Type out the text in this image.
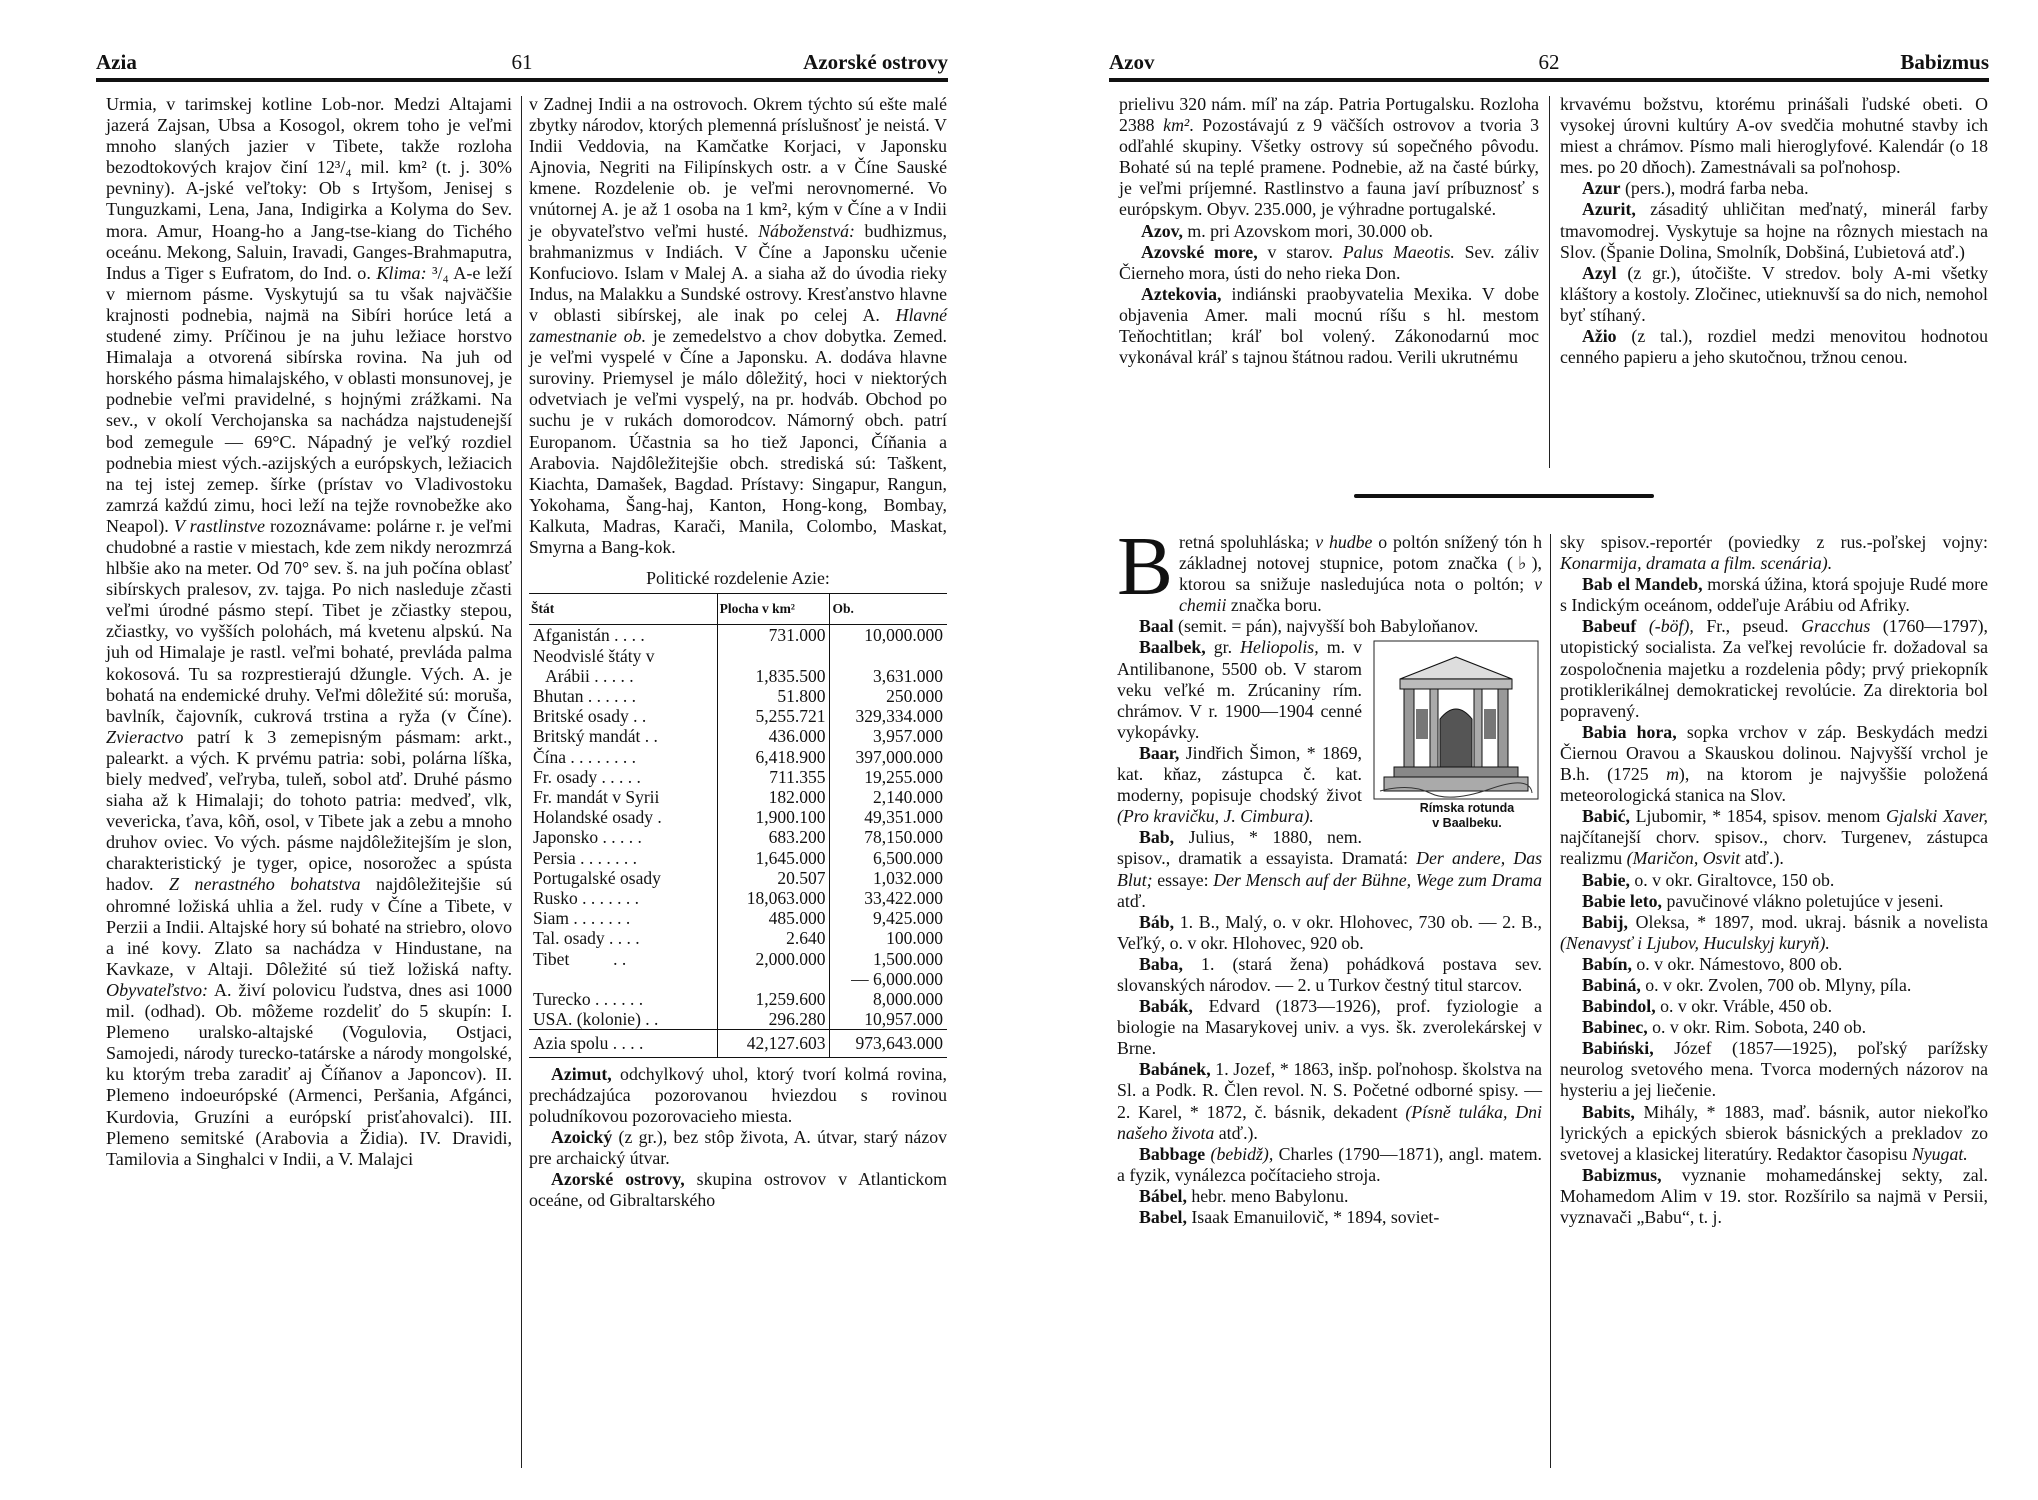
Azia	61	Azorské ostrovy

Urmia, v tarimskej kotline Lob-nor. Medzi Altajami jazerá Zajsan, Ubsa a Kosogol, okrem toho je veľmi mnoho slaných jazier v Tibete, takže rozloha bezodtokových krajov činí 12³/₄ mil. km² (t. j. 30% pevniny). A-jské veľtoky: Ob s Irtyšom, Jenisej s Tunguzkami, Lena, Jana, Indigirka a Kolyma do Sev. mora. Amur, Hoang-ho a Jang-tse-kiang do Tichého oceánu. Mekong, Saluin, Iravadi, Ganges-Brahmaputra, Indus a Tiger s Eufratom, do Ind. o. Klima: ³/₄ A-e leží v miernom pásme. Vyskytujú sa tu však najväčšie krajnosti podnebia, najmä na Sibíri horúce letá a studené zimy. Príčinou je na juhu ležiace horstvo Himalaja a otvorená sibírska rovina. Na juh od horského pásma himalajského, v oblasti monsunovej, je podnebie veľmi pravidelné, s hojnými zrážkami. Na sev., v okolí Verchojanska sa nachádza najstudenejší bod zemegule — 69°C. Nápadný je veľký rozdiel podnebia miest vých.-azijských a európskych, ležiacich na tej istej zemep. šírke (prístav vo Vladivostoku zamrzá každú zimu, hoci leží na tejže rovnobežke ako Neapol). V rastlinstve rozoznávame: polárne r. je veľmi chudobné a rastie v miestach, kde zem nikdy nerozmrzá hlbšie ako na meter. Od 70° sev. š. na juh počína oblasť sibírskych pralesov, zv. tajga. Po nich nasleduje zčasti veľmi úrodné pásmo stepí. Tibet je zčiastky stepou, zčiastky, vo vyšších polohách, má kvetenu alpskú. Na juh od Himalaje je rastl. veľmi bohaté, prevláda palma kokosová. Tu sa rozprestierajú džungle. Vých. A. je bohatá na endemické druhy. Veľmi dôležité sú: moruša, bavlník, čajovník, cukrová trstina a ryža (v Číne). Zvieractvo patrí k 3 zemepisným pásmam: arkt., palearkt. a vých. K prvému patria: sobi, polárna líška, biely medveď, veľryba, tuleň, sobol atď. Druhé pásmo siaha až k Himalaji; do tohoto patria: medveď, vlk, vevericka, ťava, kôň, osol, v Tibete jak a zebu a mnoho druhov oviec. Vo vých. pásme najdôležitejším je slon, charakteristický je tyger, opice, nosorožec a spústa hadov. Z nerastného bohatstva najdôležitejšie sú ohromné ložiská uhlia a žel. rudy v Číne a Tibete, v Perzii a Indii. Altajské hory sú bohaté na striebro, olovo a iné kovy. Zlato sa nachádza v Hindustane, na Kavkaze, v Altaji. Dôležité sú tiež ložiská nafty. Obyvateľstvo: A. živí polovicu ľudstva, dnes asi 1000 mil. (odhad). Ob. môžeme rozdeliť do 5 skupín: I. Plemeno uralsko-altajské (Vogulovia, Ostjaci, Samojedi, národy turecko-tatárske a národy mongolské, ku ktorým treba zaradiť aj Číňanov a Japoncov). II. Plemeno indoeurópské (Armenci, Peršania, Afgánci, Kurdovia, Gruzíni a európskí prisťahovalci). III. Plemeno semitské (Arabovia a Židia). IV. Dravidi, Tamilovia a Singhalci v Indii, a V. Malajci

v Zadnej Indii a na ostrovoch. Okrem týchto sú ešte malé zbytky národov, ktorých plemenná príslušnosť je neistá. V Indii Veddovia, na Kamčatke Korjaci, v Japonsku Ajnovia, Negriti na Filipínskych ostr. a v Číne Sauské kmene. Rozdelenie ob. je veľmi nerovnomerné. Vo vnútornej A. je až 1 osoba na 1 km², kým v Číne a v Indii je obyvateľstvo veľmi husté. Náboženstvá: budhizmus, brahmanizmus v Indiách. V Číne a Japonsku učenie Konfuciovo. Islam v Malej A. a siaha až do úvodia rieky Indus, na Malakku a Sundské ostrovy. Kresťanstvo hlavne v oblasti sibírskej, ale inak po celej A. Hlavné zamestnanie ob. je zemedelstvo a chov dobytka. Zemed. je veľmi vyspelé v Číne a Japonsku. A. dodáva hlavne suroviny. Priemysel je málo dôležitý, hoci v niektorých odvetviach je veľmi vyspelý, na pr. hodváb. Obchod po suchu je v rukách domorodcov. Námorný obch. patrí Europanom. Účastnia sa ho tiež Japonci, Číňania a Arabovia. Najdôležitejšie obch. strediská sú: Taškent, Kiachta, Damašek, Bagdad. Prístavy: Singapur, Rangun, Yokohama, Šang-haj, Kanton, Hong-kong, Bombay, Kalkuta, Madras, Karači, Manila, Colombo, Maskat, Smyrna a Bang-kok.

Politické rozdelenie Azie:
Štát	Plocha v km²	Ob.
Afganistán . . . .	731.000	10,000.000
Neodvislé štáty v		
Arábii . . . . .	1,835.500	3,631.000
Bhutan . . . . . .	51.800	250.000
Britské osady . .	5,255.721	329,334.000
Britský mandát . .	436.000	3,957.000
Čína . . . . . . . .	6,418.900	397,000.000
Fr. osady . . . . .	711.355	19,255.000
Fr. mandát v Syrii	182.000	2,140.000
Holandské osady .	1,900.100	49,351.000
Japonsko . . . . .	683.200	78,150.000
Persia . . . . . . .	1,645.000	6,500.000
Portugalské osady	20.507	1,032.000
Rusko . . . . . . .	18,063.000	33,422.000
Siam . . . . . . .	485.000	9,425.000
Tal. osady . . . .	2.640	100.000
Tibet          . .	2,000.000	1,500.000
		— 6,000.000
Turecko . . . . . .	1,259.600	8,000.000
USA. (kolonie) . .	296.280	10,957.000
Azia spolu . . . .	42,127.603	973,643.000

Azimut, odchylkový uhol, ktorý tvorí kolmá rovina, prechádzajúca pozorovanou hviezdou s rovinou poludníkovou pozorovacieho miesta.

Azoický (z gr.), bez stôp života, A. útvar, starý názov pre archaický útvar.

Azorské ostrovy, skupina ostrovov v Atlantickom oceáne, od Gibraltarského

Azov	62	Babizmus

prielivu 320 nám. míľ na záp. Patria Portugalsku. Rozloha 2388 km². Pozostávajú z 9 väčších ostrovov a tvoria 3 odľahlé skupiny. Všetky ostrovy sú sopečného pôvodu. Bohaté sú na teplé pramene. Podnebie, až na časté búrky, je veľmi príjemné. Rastlinstvo a fauna javí príbuznosť s európskym. Obyv. 235.000, je výhradne portugalské.

Azov, m. pri Azovskom mori, 30.000 ob.

Azovské more, v starov. Palus Maeotis. Sev. záliv Čierneho mora, ústi do neho rieka Don.

Aztekovia, indiánski praobyvatelia Mexika. V dobe objavenia Amer. mali mocnú ríšu s hl. mestom Teňochtitlan; kráľ bol volený. Zákonodarnú moc vykonával kráľ s tajnou štátnou radou. Verili ukrutnému

krvavému božstvu, ktorému prinášali ľudské obeti. O vysokej úrovni kultúry A-ov svedčia mohutné stavby ich miest a chrámov. Písmo mali hieroglyfové. Kalendár (o 18 mes. po 20 dňoch). Zamestnávali sa poľnohosp.

Azur (pers.), modrá farba neba.

Azurit, zásaditý uhličitan meďnatý, minerál farby tmavomodrej. Vyskytuje sa hojne na rôznych miestach na Slov. (Španie Dolina, Smolník, Dobšiná, Ľubietová atď.)

Azyl (z gr.), útočište. V stredov. boly A-mi všetky kláštory a kostoly. Zločinec, utieknuvší sa do nich, nemohol byť stíhaný.

Ažio (z tal.), rozdiel medzi menovitou hodnotou cenného papieru a jeho skutočnou, tržnou cenou.

Bretná spoluhláska; v hudbe o poltón snížený tón h základnej notovej stupnice, potom značka (♭), ktorou sa snižuje nasledujúca nota o poltón; v chemii značka boru.

Baal (semit. = pán), najvyšší boh Babyloňanov.

Rímska rotunda
v Baalbeku.
Baalbek, gr. Heliopolis, m. v Antilibanone, 5500 ob. V starom veku veľké m. Zrúcaniny rím. chrámov. V r. 1900—1904 cenné vykopávky.

Baar, Jindřich Šimon, * 1869, kat. kňaz, zástupca č. kat. moderny, popisuje chodský život (Pro kravičku, J. Cimbura).

Bab, Julius, * 1880, nem. spisov., dramatik a essayista. Dramatá: Der andere, Das Blut; essaye: Der Mensch auf der Bühne, Wege zum Drama atď.

Báb, 1. B., Malý, o. v okr. Hlohovec, 730 ob. — 2. B., Veľký, o. v okr. Hlohovec, 920 ob.

Baba, 1. (stará žena) pohádková postava sev. slovanských národov. — 2. u Turkov čestný titul starcov.

Babák, Edvard (1873—1926), prof. fyziologie a biologie na Masarykovej univ. a vys. šk. zverolekárskej v Brne.

Babánek, 1. Jozef, * 1863, inšp. poľnohosp. školstva na Sl. a Podk. R. Člen revol. N. S. Početné odborné spisy. — 2. Karel, * 1872, č. básnik, dekadent (Písně tuláka, Dni našeho života atď.).

Babbage (bebidž), Charles (1790—1871), angl. matem. a fyzik, vynálezca počítacieho stroja.

Bábel, hebr. meno Babylonu.

Babel, Isaak Emanuilovič, * 1894, soviet-

sky spisov.-reportér (poviedky z rus.-poľskej vojny: Konarmija, dramata a film. scenária).

Bab el Mandeb, morská úžina, ktorá spojuje Rudé more s Indickým oceánom, oddeľuje Arábiu od Afriky.

Babeuf (-böf), Fr., pseud. Gracchus (1760—1797), utopistický socialista. Za veľkej revolúcie fr. dožadoval sa zospoločnenia majetku a rozdelenia pôdy; prvý priekopník protiklerikálnej demokratickej revolúcie. Za direktoria bol popravený.

Babia hora, sopka vrchov v záp. Beskydách medzi Čiernou Oravou a Skauskou dolinou. Najvyšší vrchol je B.h. (1725 m), na ktorom je najvyššie položená meteorologická stanica na Slov.

Babić, Ljubomir, * 1854, spisov. menom Gjalski Xaver, najčítanejší chorv. spisov., chorv. Turgenev, zástupca realizmu (Maričon, Osvit atď.).

Babie, o. v okr. Giraltovce, 150 ob.

Babie leto, pavučinové vlákno poletujúce v jeseni.

Babij, Oleksa, * 1897, mod. ukraj. básnik a novelista (Nenavysť i Ljubov, Huculskyj kuryň).

Babín, o. v okr. Námestovo, 800 ob.

Babiná, o. v okr. Zvolen, 700 ob. Mlyny, píla.

Babindol, o. v okr. Vráble, 450 ob.

Babinec, o. v okr. Rim. Sobota, 240 ob.

Babiński, Józef (1857—1925), poľský parížsky neurolog svetového mena. Tvorca moderných názorov na hysteriu a jej liečenie.

Babits, Mihály, * 1883, maď. básnik, autor niekoľko lyrických a epických sbierok básnických a prekladov zo svetovej a klasickej literatúry. Redaktor časopisu Nyugat.

Babizmus, vyznanie mohamedánskej sekty, zal. Mohamedom Alim v 19. stor. Rozšírilo sa najmä v Persii, vyznavači „Babu“, t. j.
